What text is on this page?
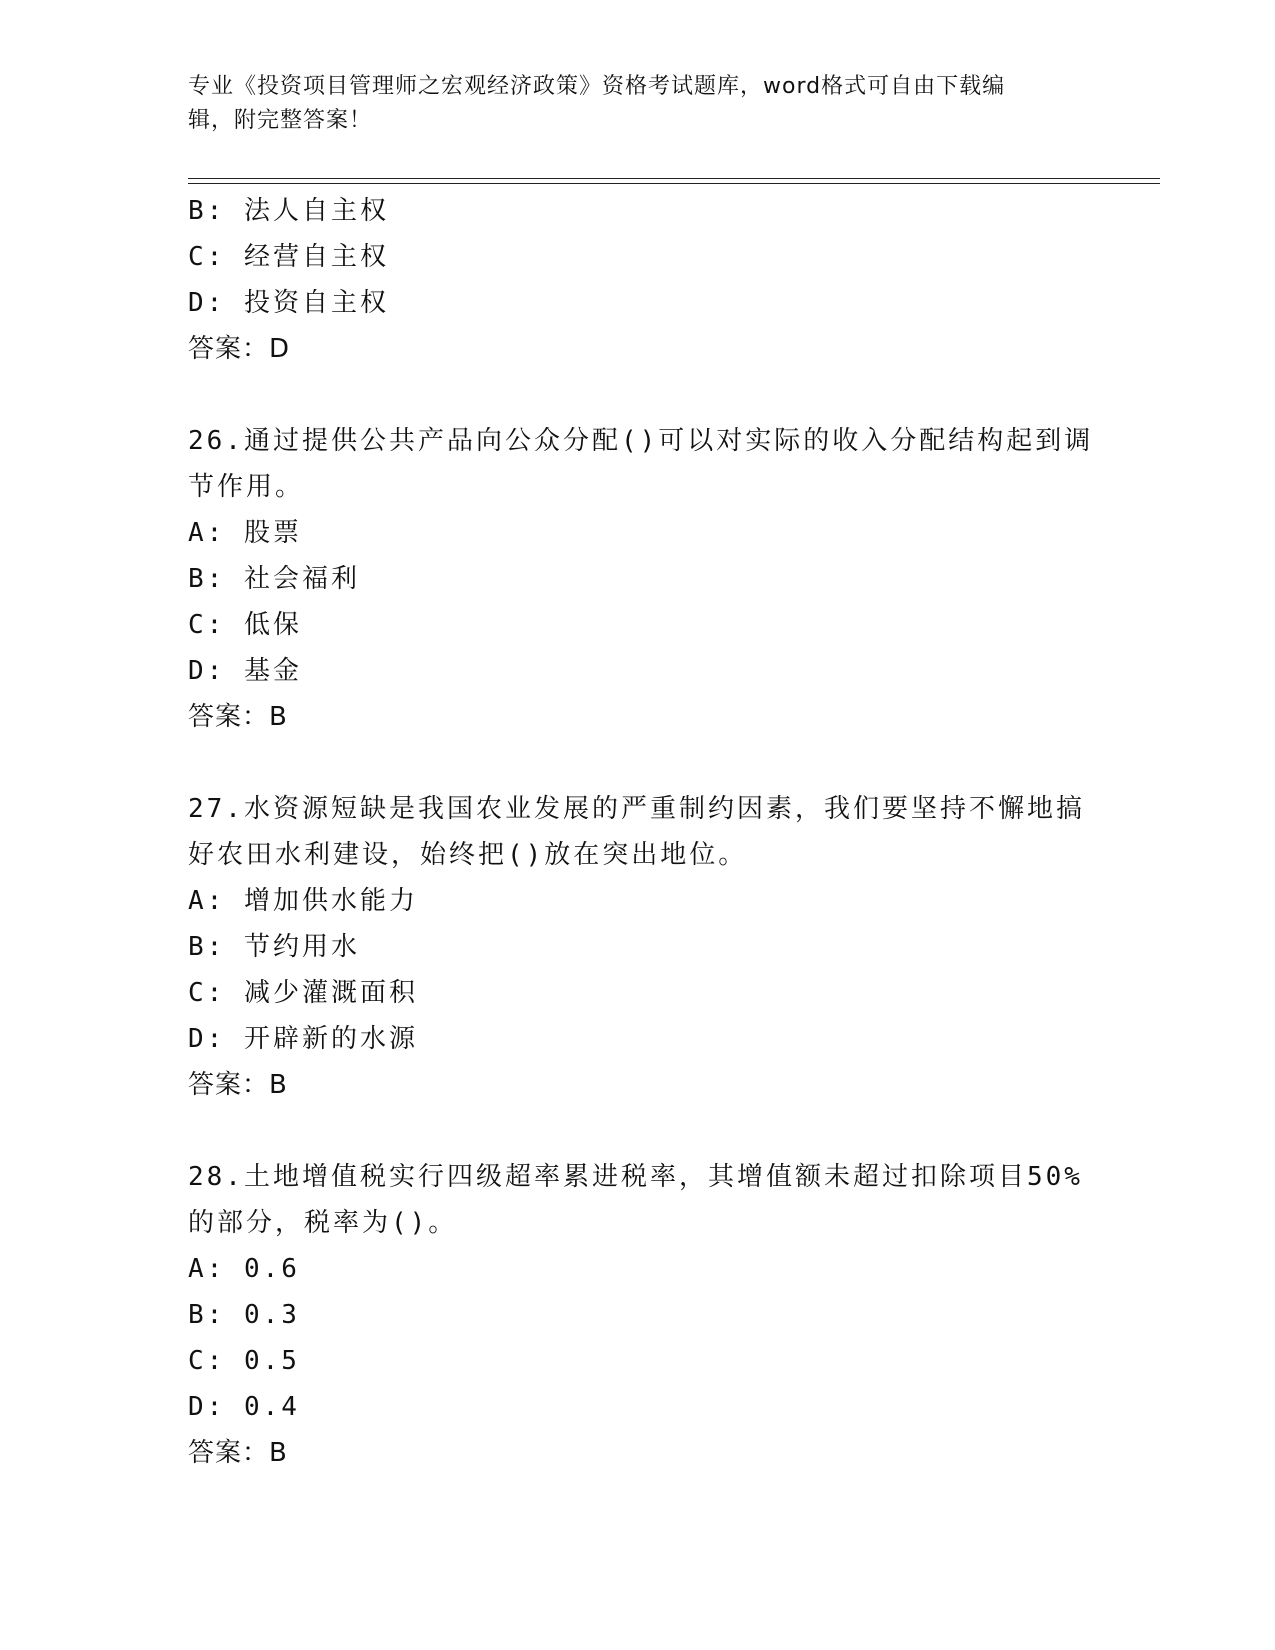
专业《投资项目管理师之宏观经济政策》资格考试题库，word格式可自由下载编
辑，附完整答案！
B: 法人自主权
C: 经营自主权
D: 投资自主权
答案：D
26.通过提供公共产品向公众分配()可以对实际的收入分配结构起到调
节作用。
A: 股票
B: 社会福利
C: 低保
D: 基金
答案：B
27.水资源短缺是我国农业发展的严重制约因素，我们要坚持不懈地搞
好农田水利建设，始终把()放在突出地位。
A: 增加供水能力
B: 节约用水
C: 减少灌溉面积
D: 开辟新的水源
答案：B
28.土地增值税实行四级超率累进税率，其增值额未超过扣除项目50%
的部分，税率为()。
A: 0.6
B: 0.3
C: 0.5
D: 0.4
答案：B
